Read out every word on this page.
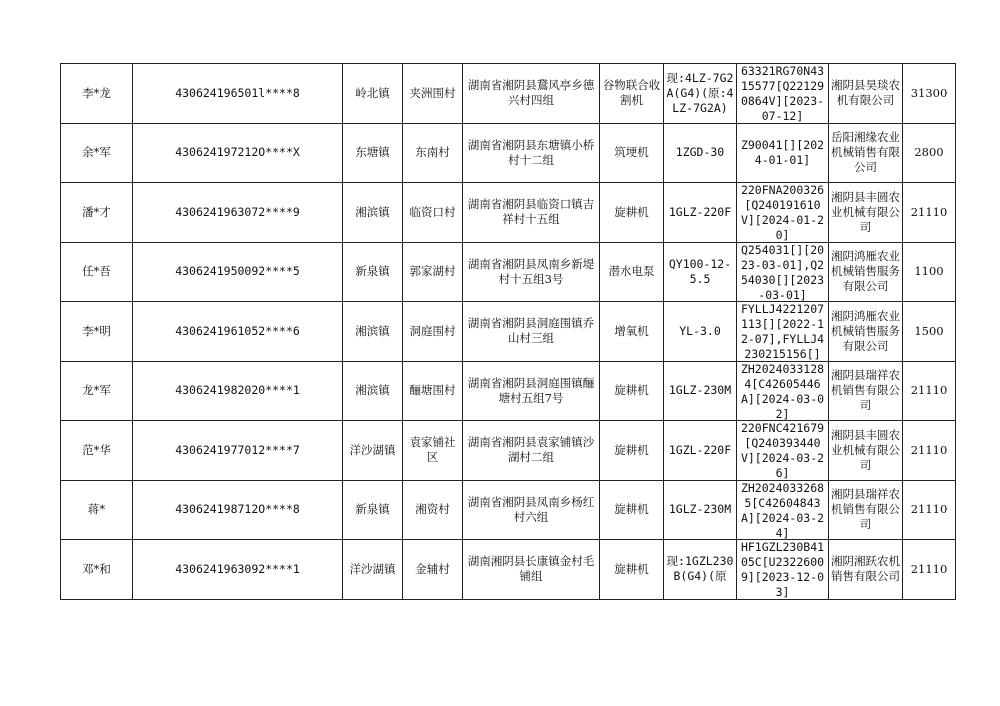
李*龙	430624196501l****8	岭北镇	夹洲围村	湖南省湘阴县鵞风亭乡德兴村四组	谷物联合收割机	现:4LZ-7G2A(G4)(原:4LZ-7G2A)	63321RG70N4315577[Q221290864V][2023-07-12]	湘阴县昊琰农机有限公司	31300

余*军	430624197212O****X	东塘镇	东南村	湖南省湘阴县东塘镇小桥村十二组	筑埂机	1ZGD-30	Z90041[][2024-01-01]	岳阳湘缘农业机械销售有限公司	2800

潘*才	4306241963072****9	湘滨镇	临资口村	湖南省湘阴县临资口镇吉祥村十五组	旋耕机	1GLZ-220F	220FNA200326[Q240191610V][2024-01-20]	湘阴县丰圆农业机械有限公司	21110

任*吾	4306241950092****5	新泉镇	郭家湖村	湖南省湘阴县凤南乡新堤村十五组3号	潜水电泵	QY100-12-5.5	Q254031[][2023-03-01],Q254030[][2023-03-01]	湘阴鸿雁农业机械销售服务有限公司	1100

李*明	4306241961052****6	湘滨镇	洞庭围村	湖南省湘阴县洞庭围镇乔山村三组	增氧机	YL-3.0	FYLLJ4221207113[][2022-12-07],FYLLJ4230215156[]	湘阴鸿雁农业机械销售服务有限公司	1500

龙*军	4306241982020****1	湘滨镇	酾塘围村	湖南省湘阴县洞庭围镇酾塘村五组7号	旋耕机	1GLZ-230M	ZH20240331284[C42605446A][2024-03-02]	湘阴县瑞祥农机销售有限公司	21110

范*华	4306241977012****7	洋沙湖镇	袁家铺社区	湖南省湘阴县袁家铺镇沙湖村二组	旋耕机	1GZL-220F	220FNC421679[Q240393440V][2024-03-26]	湘阴县丰圆农业机械有限公司	21110

蒋*	430624198712O****8	新泉镇	湘资村	湖南省湘阴县凤南乡杨红村六组	旋耕机	1GLZ-230M	ZH20240332685[C42604843A][2024-03-24]	湘阴县瑞祥农机销售有限公司	21110

邓*和	4306241963092****1	洋沙湖镇	金辅村	湖南湘阴县长康镇金村毛铺组	旋耕机	现:1GZL230B(G4)(原	HF1GZL230B4105C[U23226009][2023-12-03]	湘阴湘跃农机销售有限公司	21110
